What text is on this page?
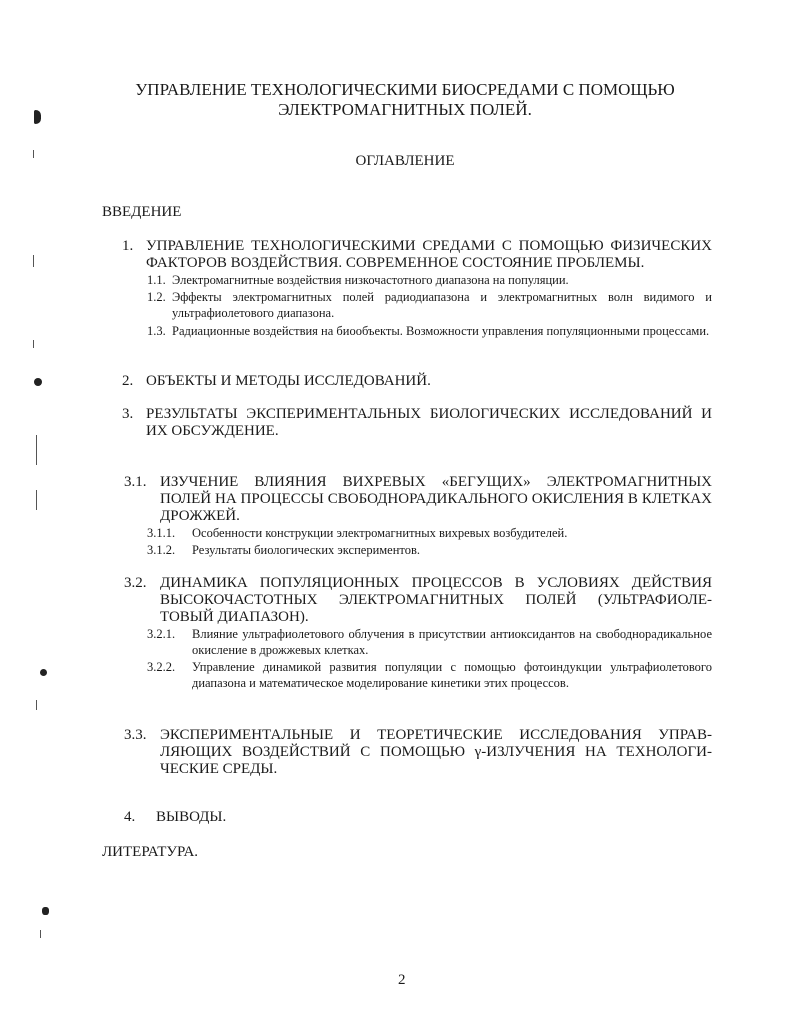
УПРАВЛЕНИЕ ТЕХНОЛОГИЧЕСКИМИ БИОСРЕДАМИ С ПОМОЩЬЮ ЭЛЕКТРОМАГНИТНЫХ ПОЛЕЙ.
ОГЛАВЛЕНИЕ
ВВЕДЕНИЕ
1. УПРАВЛЕНИЕ ТЕХНОЛОГИЧЕСКИМИ СРЕДАМИ С ПОМОЩЬЮ ФИЗИЧЕСКИХ ФАКТОРОВ ВОЗДЕЙСТВИЯ. СОВРЕМЕННОЕ СОСТОЯНИЕ ПРОБЛЕМЫ.
1.1. Электромагнитные воздействия низкочастотного диапазона на популяции.
1.2. Эффекты электромагнитных полей радиодиапазона и электромагнитных волн видимого и ультрафиолетового диапазона.
1.3. Радиационные воздействия на биообъекты. Возможности управления популяционными процессами.
2. ОБЪЕКТЫ И МЕТОДЫ ИССЛЕДОВАНИЙ.
3. РЕЗУЛЬТАТЫ ЭКСПЕРИМЕНТАЛЬНЫХ БИОЛОГИЧЕСКИХ ИССЛЕДОВАНИЙ И ИХ ОБСУЖДЕНИЕ.
3.1. ИЗУЧЕНИЕ ВЛИЯНИЯ ВИХРЕВЫХ «БЕГУЩИХ» ЭЛЕКТРОМАГНИТНЫХ ПОЛЕЙ НА ПРОЦЕССЫ СВОБОДНОРАДИКАЛЬНОГО ОКИСЛЕНИЯ В КЛЕТКАХ ДРОЖЖЕЙ.
3.1.1.	Особенности конструкции электромагнитных вихревых возбудителей.
3.1.2.	Результаты биологических экспериментов.
3.2. ДИНАМИКА ПОПУЛЯЦИОННЫХ ПРОЦЕССОВ В УСЛОВИЯХ ДЕЙСТВИЯ ВЫСОКОЧАСТОТНЫХ ЭЛЕКТРОМАГНИТНЫХ ПОЛЕЙ (УЛЬТРАФИОЛЕ-ТОВЫЙ ДИАПАЗОН).
3.2.1.	Влияние ультрафиолетового облучения в присутствии антиоксидантов на свободнорадикальное окисление в дрожжевых клетках.
3.2.2.	Управление динамикой развития популяции с помощью фотоиндукции ультрафиолетового диапазона и математическое моделирование кинетики этих процессов.
3.3. ЭКСПЕРИМЕНТАЛЬНЫЕ И ТЕОРЕТИЧЕСКИЕ ИССЛЕДОВАНИЯ УПРАВ-ЛЯЮЩИХ ВОЗДЕЙСТВИЙ С ПОМОЩЬЮ γ-ИЗЛУЧЕНИЯ НА ТЕХНОЛОГИ-ЧЕСКИЕ СРЕДЫ.
4.	ВЫВОДЫ.
ЛИТЕРАТУРА.
2
